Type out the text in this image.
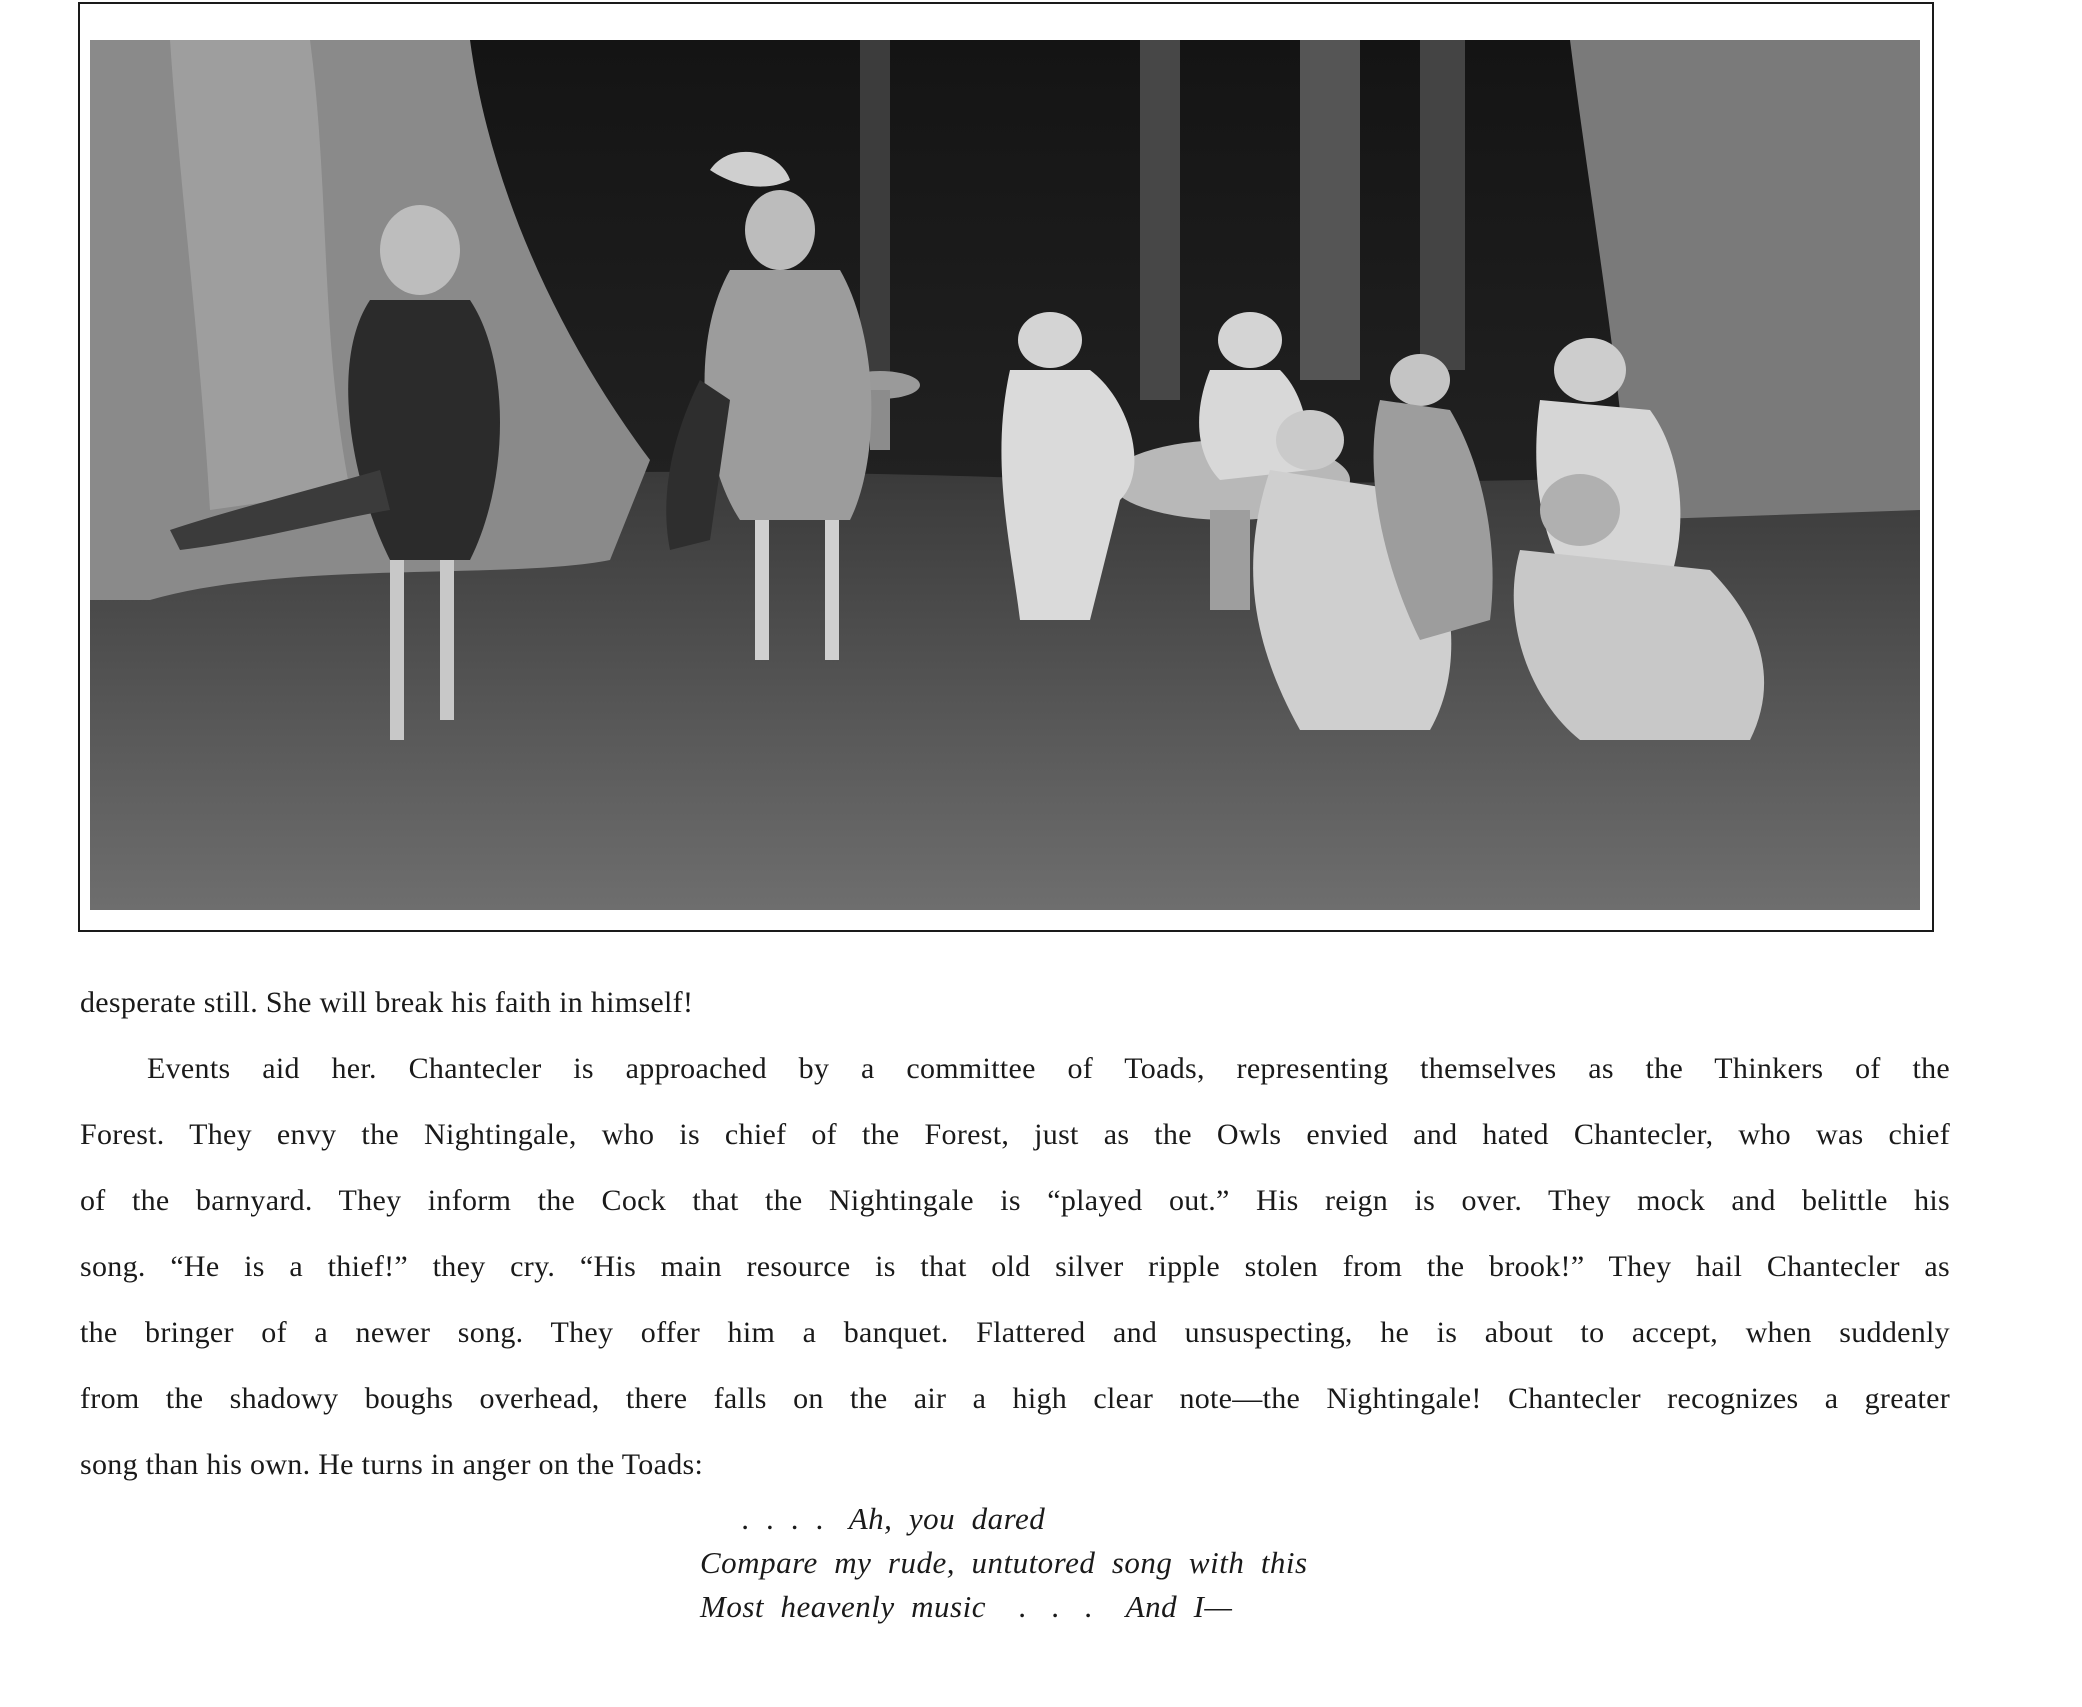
desperate still. She will break his faith in himself!

Events aid her. Chantecler is approached by a committee of Toads, representing themselves as the Thinkers of the
Forest. They envy the Nightingale, who is chief of the Forest, just as the Owls envied and hated Chantecler, who was chief
of the barnyard. They inform the Cock that the Nightingale is “played out.” His reign is over. They mock and belittle his
song. “He is a thief!” they cry. “His main resource is that old silver ripple stolen from the brook!” They hail Chantecler as
the bringer of a newer song. They offer him a banquet. Flattered and unsuspecting, he is about to accept, when suddenly
from the shadowy boughs overhead, there falls on the air a high clear note—the Nightingale! Chantecler recognizes a greater
song than his own. He turns in anger on the Toads:
.  .  .  .   Ah,  you  dared
Compare  my  rude,  untutored  song  with  this
Most  heavenly  music    .   .   .    And  I—
